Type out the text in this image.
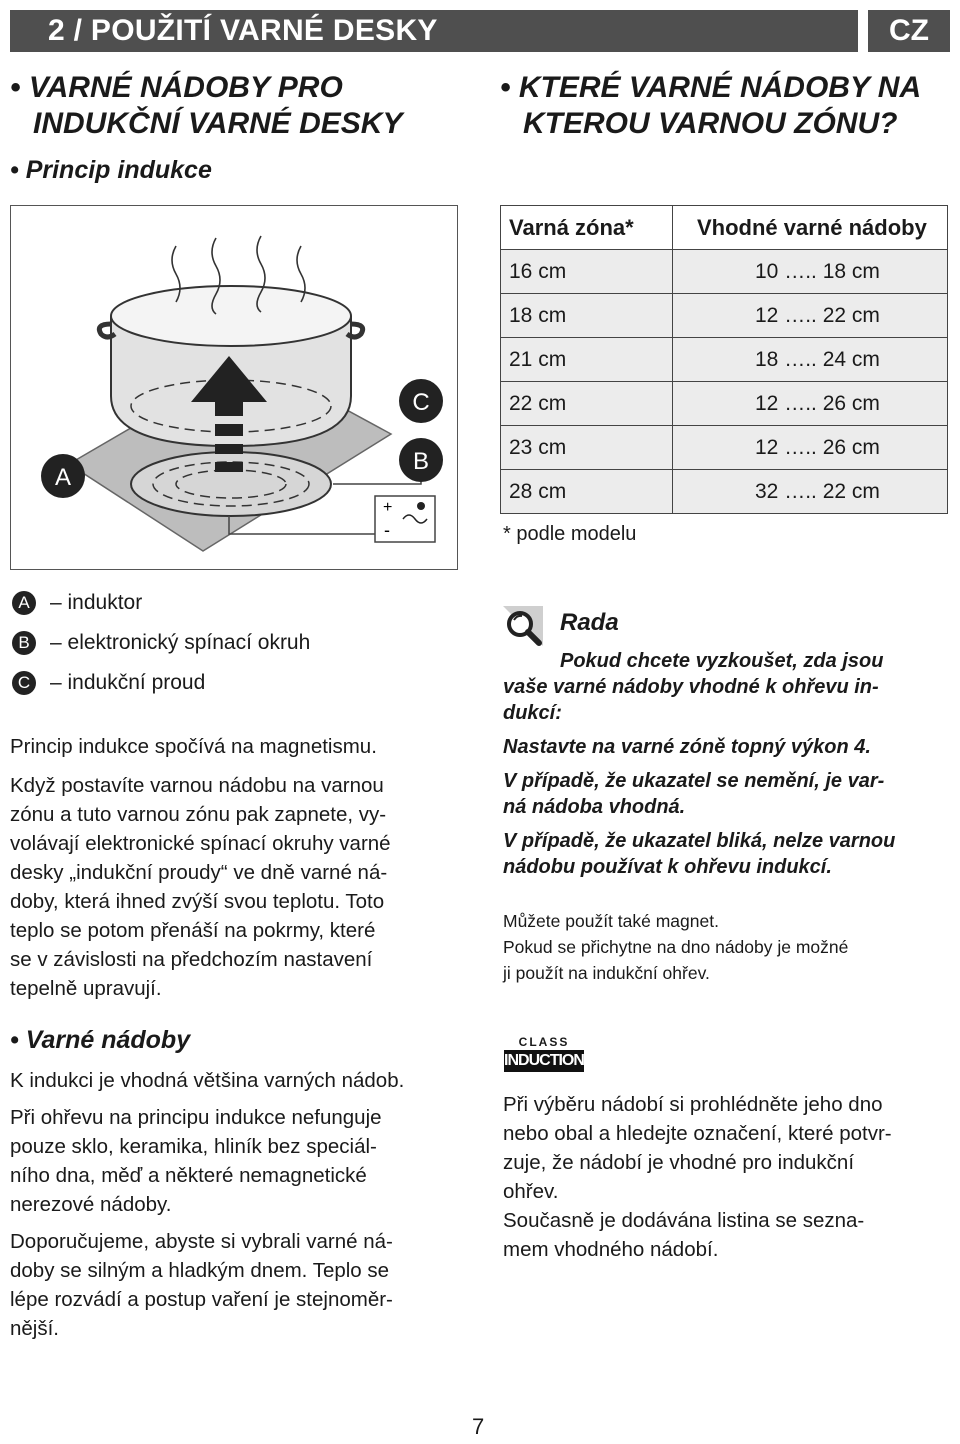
2 / POUŽITÍ VARNÉ DESKY	CZ
• VARNÉ NÁDOBY PRO
INDUKČNÍ VARNÉ DESKY
• Princip indukce
+
-
A
B
C
A – induktor
B – elektronický spínací okruh
C – indukční proud

Princip indukce spočívá na magnetismu.

Když postavíte varnou nádobu na varnou
zónu a tuto varnou zónu pak zapnete, vy-
volávají elektronické spínací okruhy varné
desky „indukční proudy“ ve dně varné ná-
doby, která ihned zvýší svou teplotu. Toto
teplo se potom přenáší na pokrmy, které
se v závislosti na předchozím nastavení
tepelně upravují.
• Varné nádoby

K indukci je vhodná většina varných nádob.

Při ohřevu na principu indukce nefunguje
pouze sklo, keramika, hliník bez speciál-
ního dna, měď a některé nemagnetické
nerezové nádoby.
Doporučujeme, abyste si vybrali varné ná-
doby se silným a hladkým dnem. Teplo se
lépe rozvádí a postup vaření je stejnoměr-
nější.
• KTERÉ VARNÉ NÁDOBY NA
KTEROU VARNOU ZÓNU?
Varná zóna*	Vhodné varné nádoby
16 cm	10 ….. 18 cm
18 cm	12 ….. 22 cm
21 cm	18 ….. 24 cm
22 cm	12 ….. 26 cm
23 cm	12 ….. 26 cm
28 cm	32 ….. 22 cm
* podle modelu
Rada

Pokud chcete vyzkoušet, zda jsou
vaše varné nádoby vhodné k ohřevu in-
dukcí:

Nastavte na varné zóně topný výkon 4.

V případě, že ukazatel se nemění, je var-
ná nádoba vhodná.

V případě, že ukazatel bliká, nelze varnou
nádobu používat k ohřevu indukcí.

Můžete použít také magnet.

Pokud se přichytne na dno nádoby je možné

ji použít na indukční ohřev.

CLASS
INDUCTION
Při výběru nádobí si prohlédněte jeho dno
nebo obal a hledejte označení, které potvr-
zuje, že nádobí je vhodné pro indukční
ohřev.
Současně je dodávána listina se sezna-
mem vhodného nádobí.
7
